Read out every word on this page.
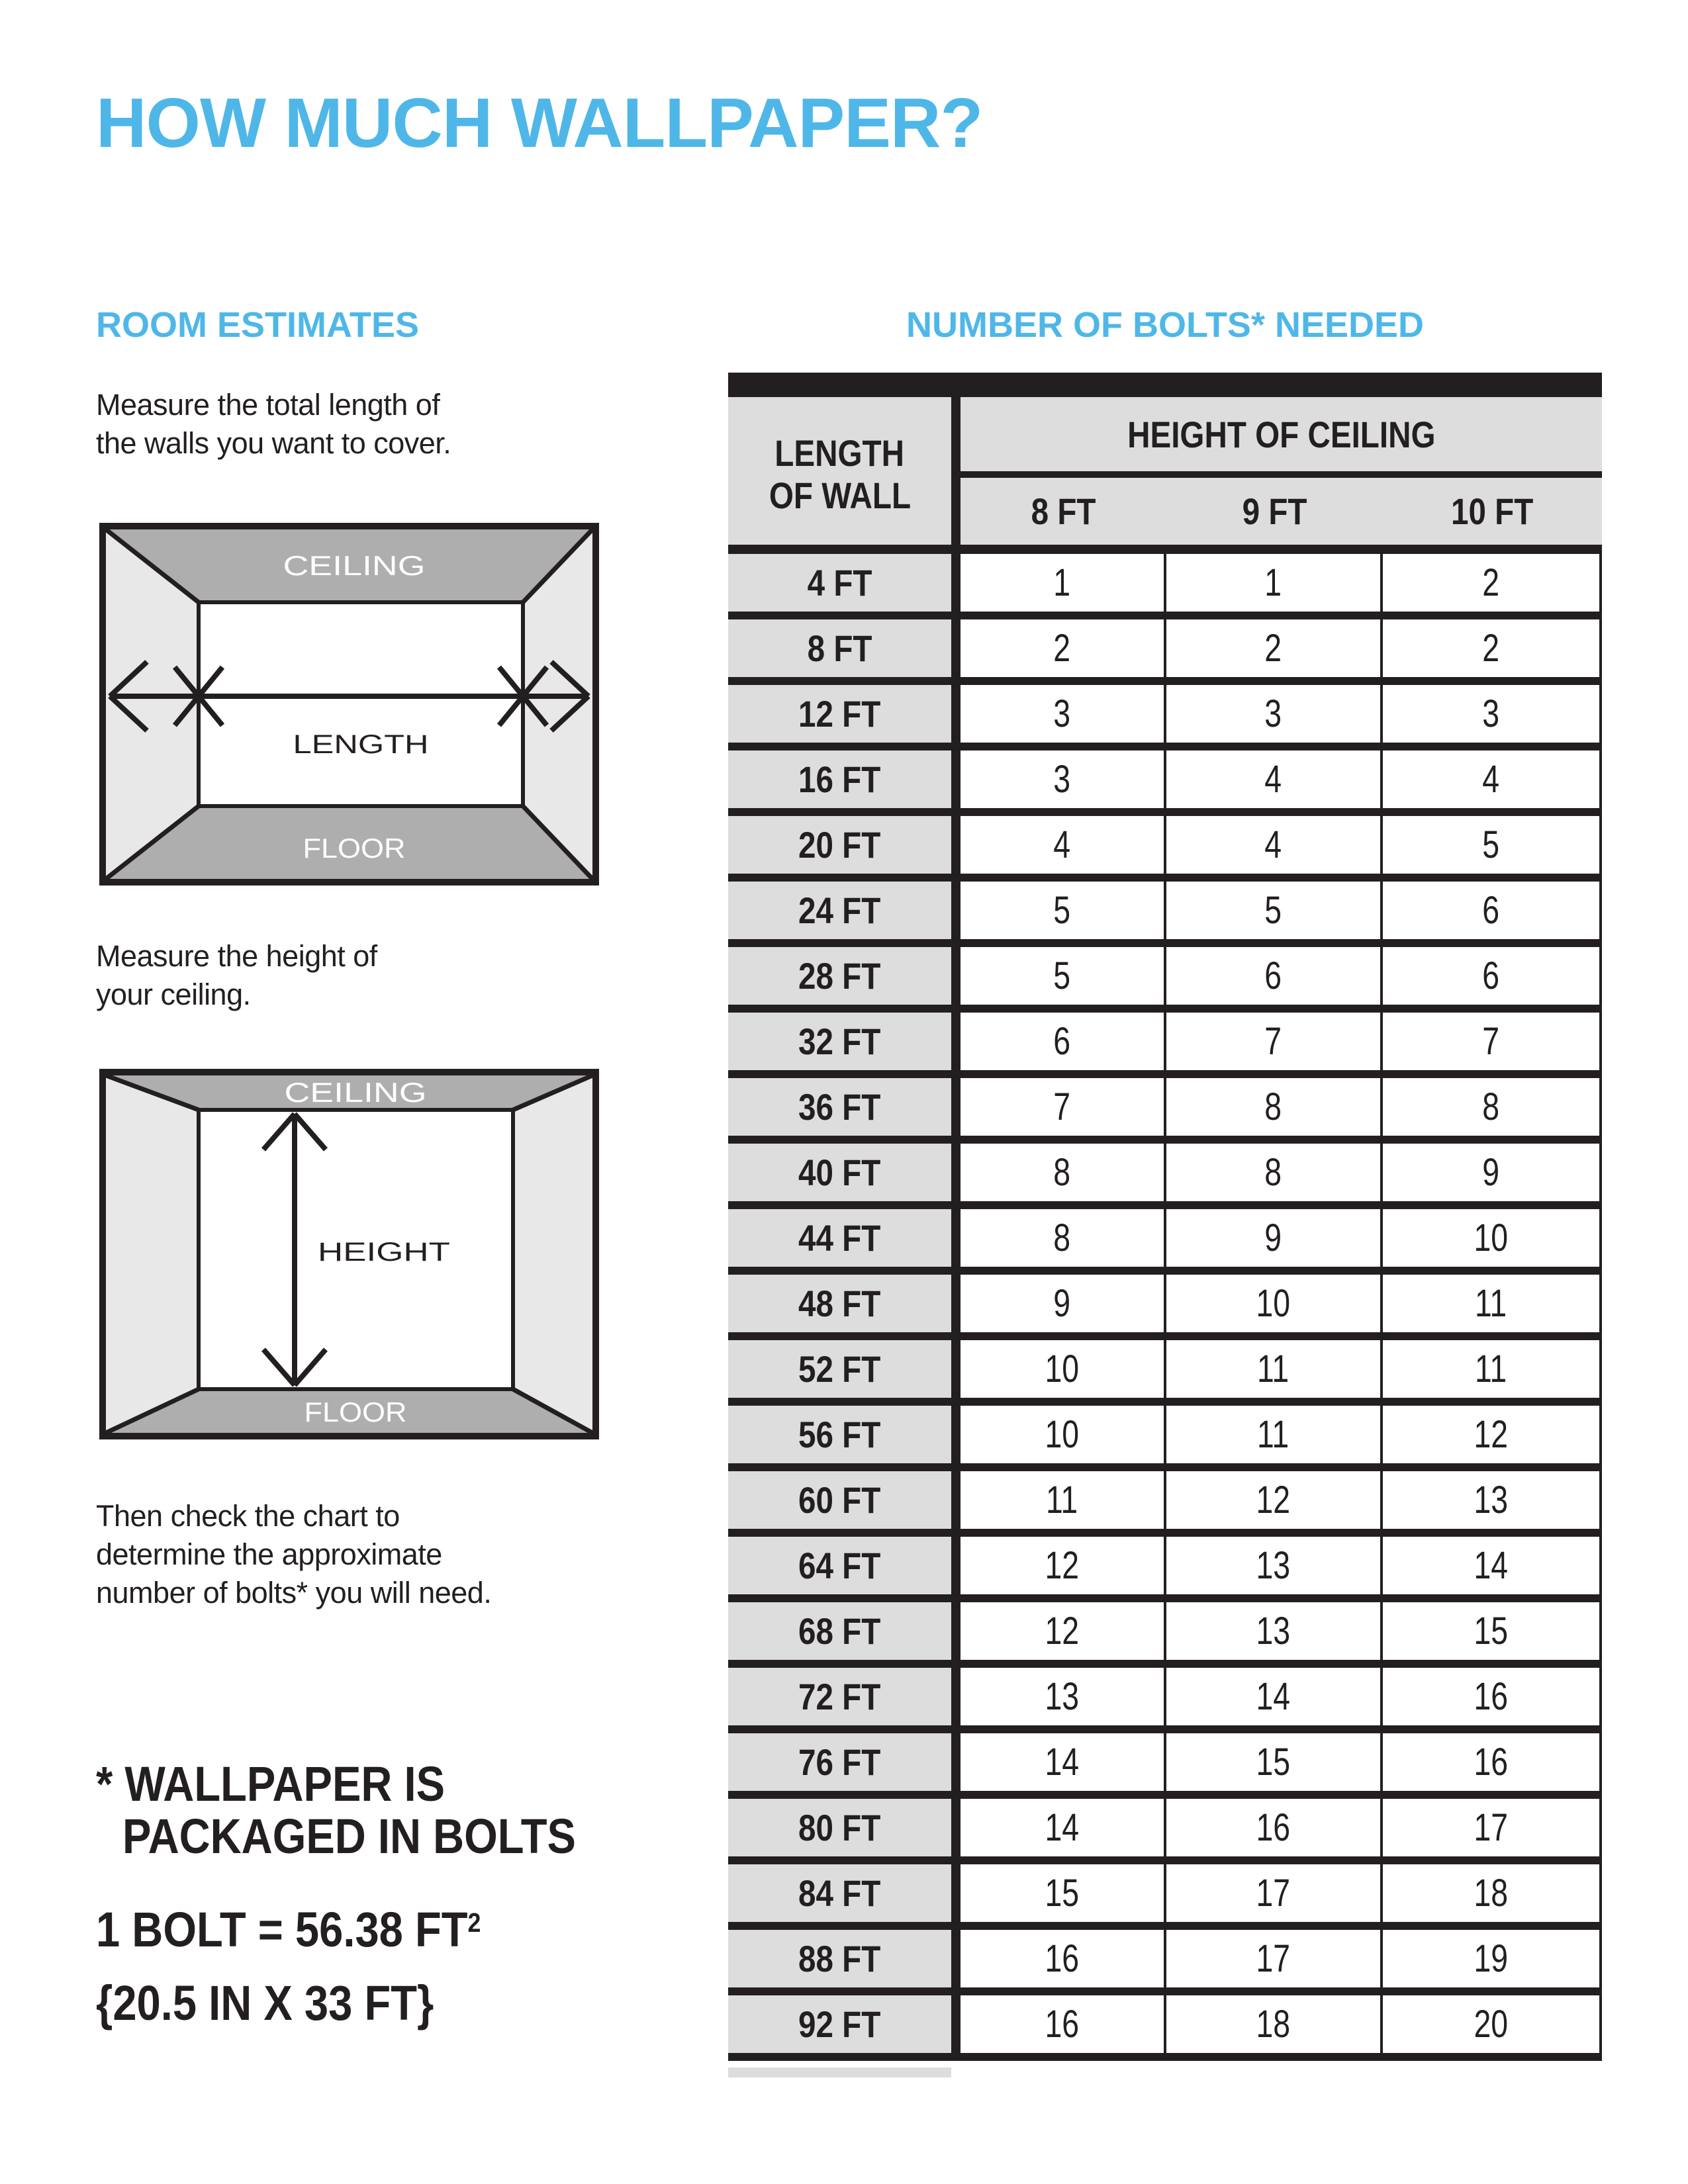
HOW MUCH WALLPAPER?
ROOM ESTIMATES	NUMBER OF BOLTS* NEEDED
Measure the total length of
the walls you want to cover.
CEILING
FLOOR
LENGTH
Measure the height of
your ceiling.
CEILING
FLOOR
HEIGHT
Then check the chart to
determine the approximate
number of bolts* you will need.
* WALLPAPER IS
PACKAGED IN BOLTS
1 BOLT = 56.38 $FT^2$
{20.5 IN X 33 FT}
HEIGHT OF CEILING
8 FT	9 FT	10 FT
4 FT	1	1	2
8 FT	2	2	2
12 FT	3	3	3
16 FT	3	4	4
20 FT	4	4	5
24 FT	5	5	6
28 FT	5	6	6
32 FT	6	7	7
36 FT	7	8	8
40 FT	8	8	9
44 FT	8	9	10
48 FT	9	10	11
52 FT	10	11	11
56 FT	10	11	12
60 FT	11	12	13
64 FT	12	13	14
68 FT	12	13	15
72 FT	13	14	16
76 FT	14	15	16
80 FT	14	16	17
84 FT	15	17	18
88 FT	16	17	19
92 FT	16	18	20
LENGTH
OF WALL
